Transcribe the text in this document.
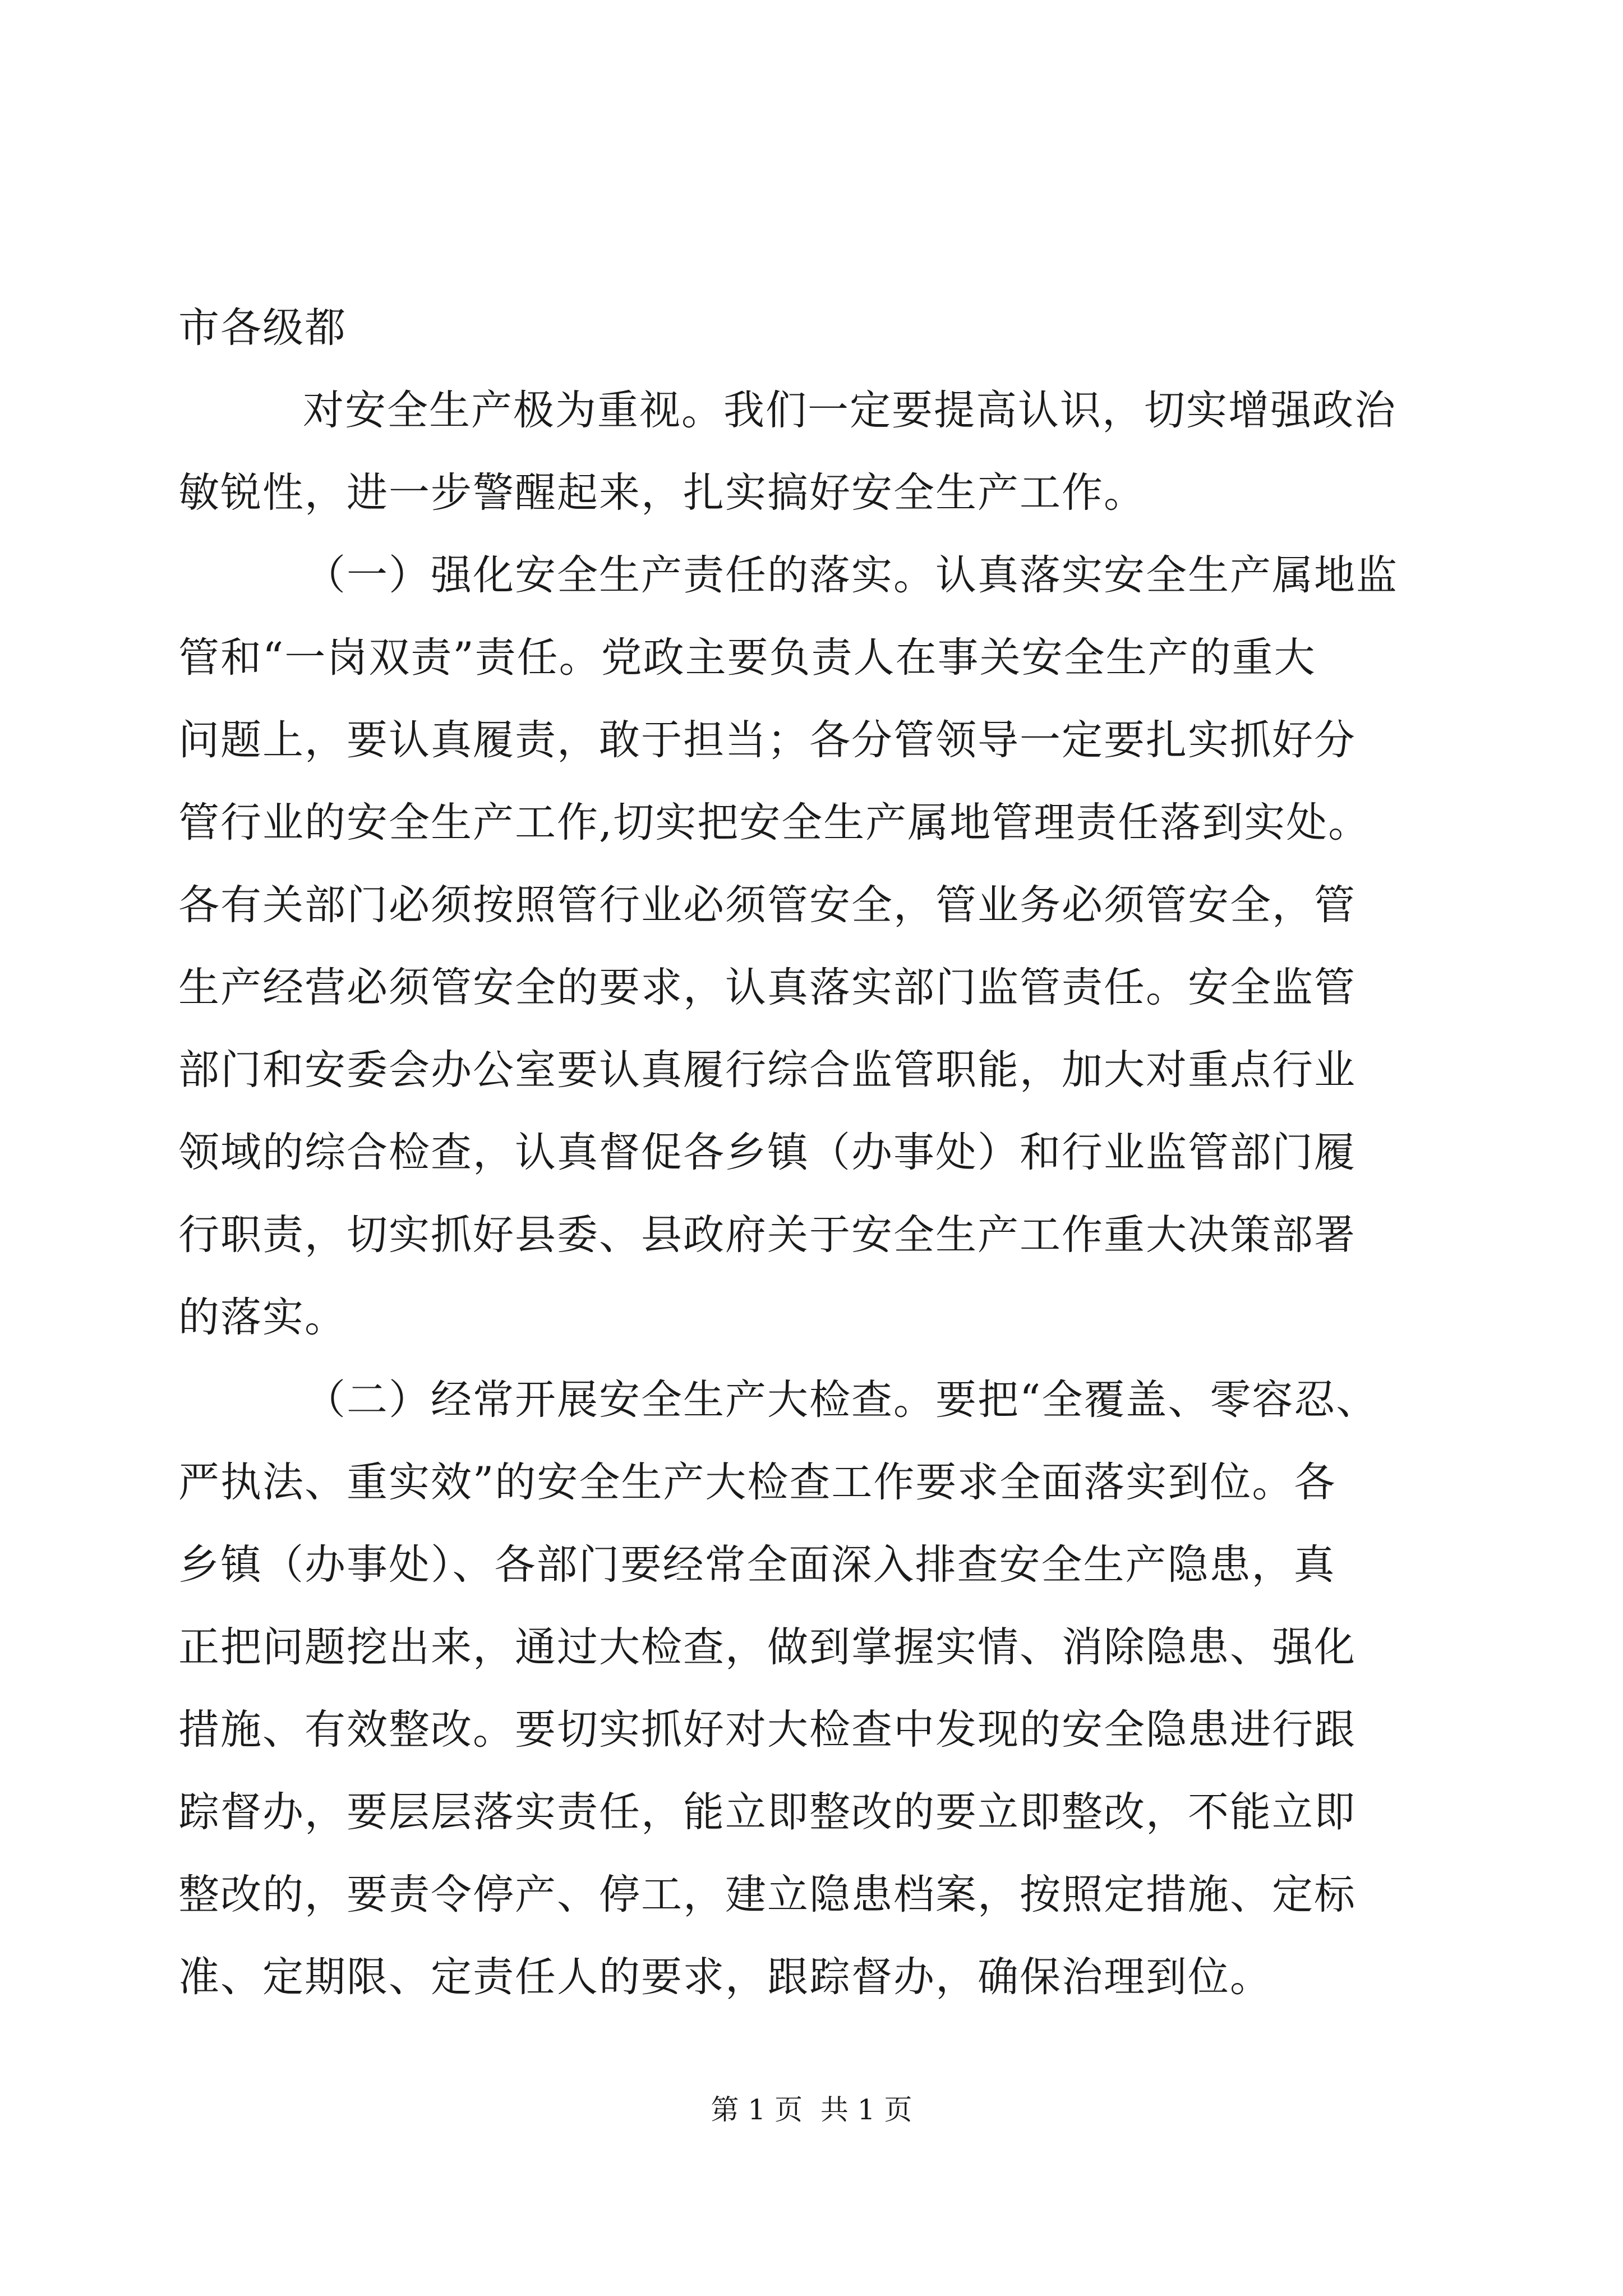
市各级都
对安全生产极为重视。我们一定要提高认识，切实增强政治
敏锐性，进一步警醒起来，扎实搞好安全生产工作。
（一）强化安全生产责任的落实。认真落实安全生产属地监
管和“一岗双责”责任。党政主要负责人在事关安全生产的重大
问题上，要认真履责，敢于担当；各分管领导一定要扎实抓好分
管行业的安全生产工作,切实把安全生产属地管理责任落到实处。
各有关部门必须按照管行业必须管安全，管业务必须管安全，管
生产经营必须管安全的要求，认真落实部门监管责任。安全监管
部门和安委会办公室要认真履行综合监管职能，加大对重点行业
领域的综合检查，认真督促各乡镇（办事处）和行业监管部门履
行职责，切实抓好县委、县政府关于安全生产工作重大决策部署
的落实。
（二）经常开展安全生产大检查。要把“全覆盖、零容忍、
严执法、重实效”的安全生产大检查工作要求全面落实到位。各
乡镇（办事处）、各部门要经常全面深入排查安全生产隐患，真
正把问题挖出来，通过大检查，做到掌握实情、消除隐患、强化
措施、有效整改。要切实抓好对大检查中发现的安全隐患进行跟
踪督办，要层层落实责任，能立即整改的要立即整改，不能立即
整改的，要责令停产、停工，建立隐患档案，按照定措施、定标
准、定期限、定责任人的要求，跟踪督办，确保治理到位。
第 1 页  共 1 页
